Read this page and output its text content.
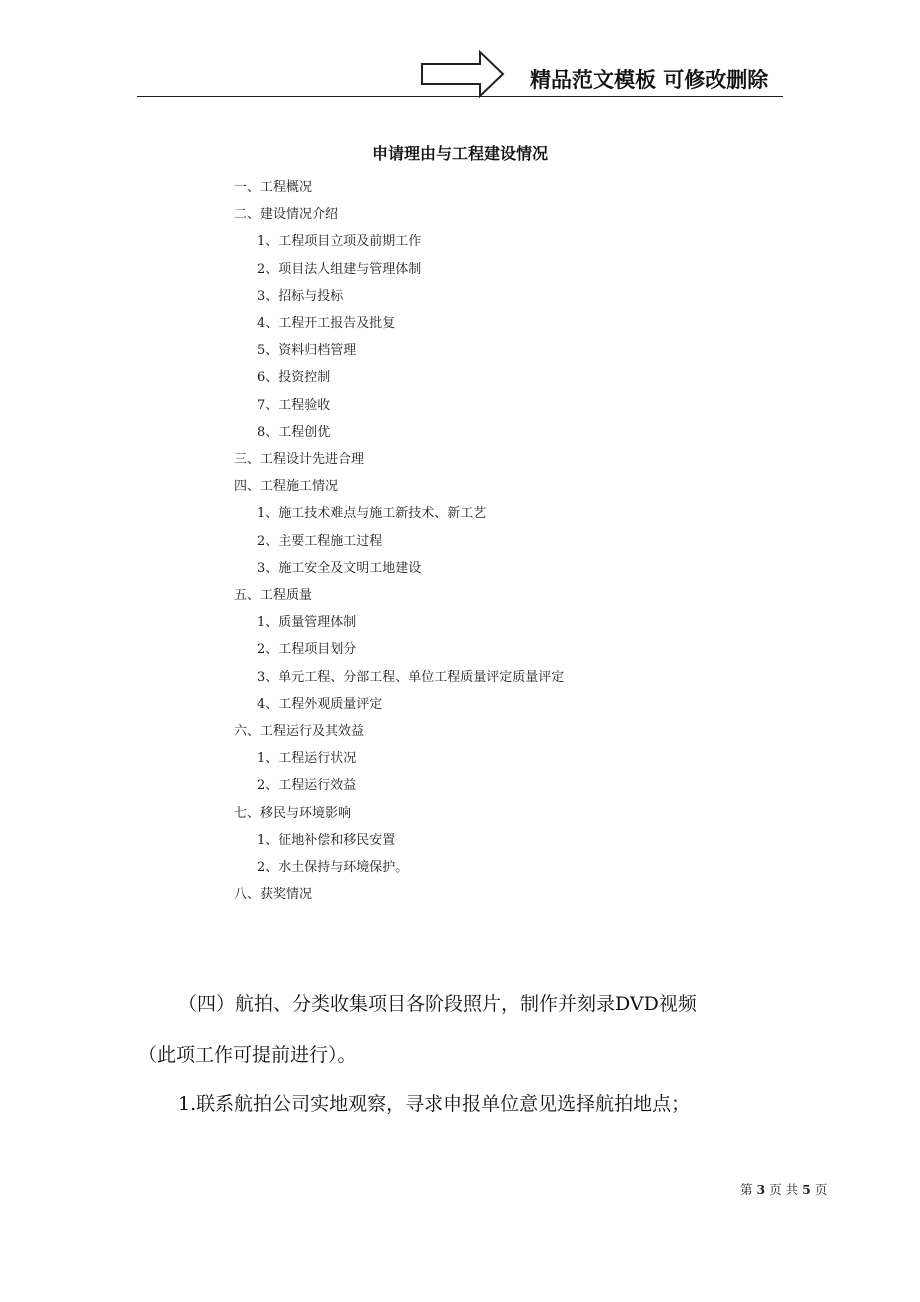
精品范文模板 可修改删除
申请理由与工程建设情况
一、工程概况
二、建设情况介绍
1、工程项目立项及前期工作
2、项目法人组建与管理体制
3、招标与投标
4、工程开工报告及批复
5、资料归档管理
6、投资控制
7、工程验收
8、工程创优
三、工程设计先进合理
四、工程施工情况
1、施工技术难点与施工新技术、新工艺
2、主要工程施工过程
3、施工安全及文明工地建设
五、工程质量
1、质量管理体制
2、工程项目划分
3、单元工程、分部工程、单位工程质量评定质量评定
4、工程外观质量评定
六、工程运行及其效益
1、工程运行状况
2、工程运行效益
七、移民与环境影响
1、征地补偿和移民安置
2、水土保持与环境保护。
八、获奖情况
（四）航拍、分类收集项目各阶段照片，制作并刻录DVD视频
（此项工作可提前进行）。
1.联系航拍公司实地观察，寻求申报单位意见选择航拍地点；
第 3 页 共 5 页
